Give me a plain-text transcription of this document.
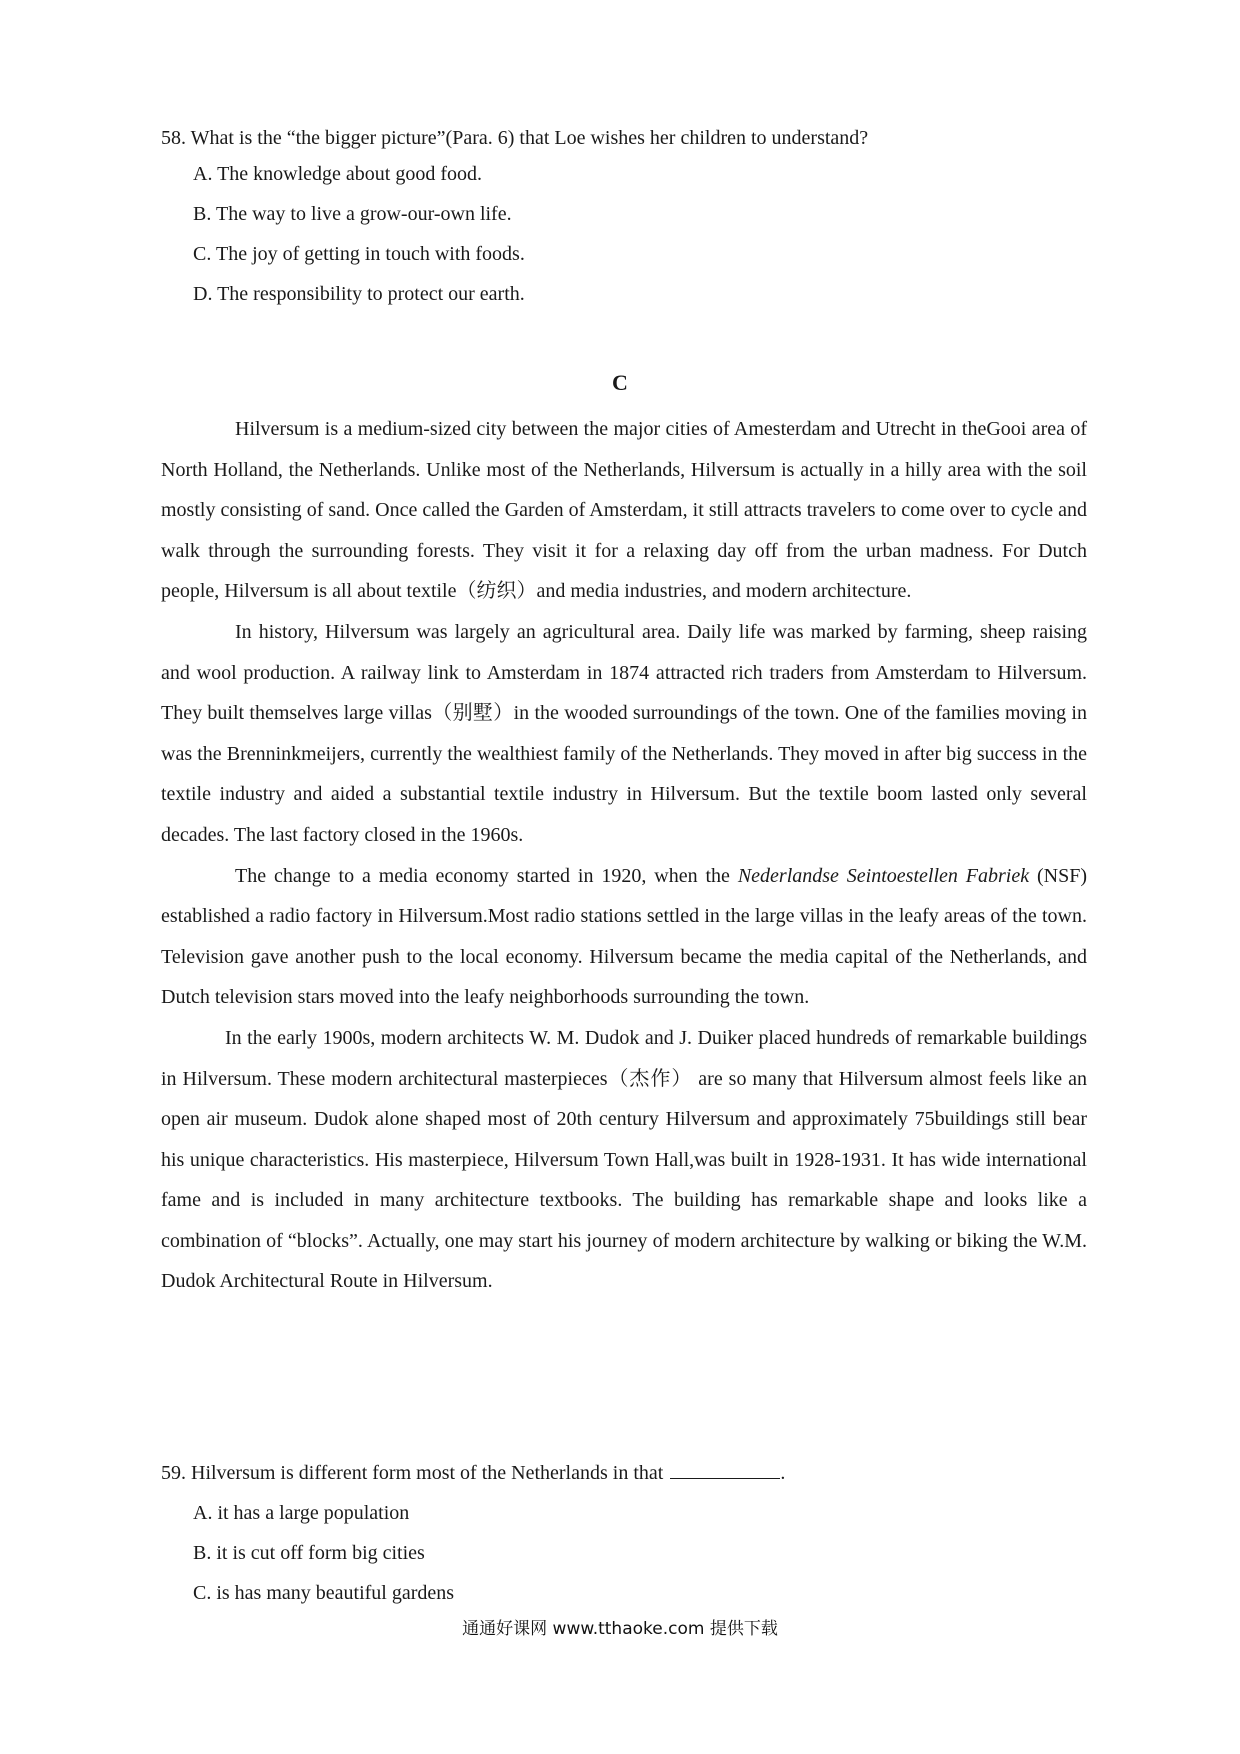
58. What is the “the bigger picture”(Para. 6) that Loe wishes her children to understand?

A. The knowledge about good food.

B. The way to live a grow-our-own life.

C. The joy of getting in touch with foods.

D. The responsibility to protect our earth.

C

Hilversum is a medium-sized city between the major cities of Amesterdam and Utrecht in theGooi area of North Holland, the Netherlands. Unlike most of the Netherlands, Hilversum is actually in a hilly area with the soil mostly consisting of sand. Once called the Garden of Amsterdam, it still attracts travelers to come over to cycle and walk through the surrounding forests. They visit it for a relaxing day off from the urban madness. For Dutch people, Hilversum is all about textile（纺织）and media industries, and modern architecture.

In history, Hilversum was largely an agricultural area. Daily life was marked by farming, sheep raising and wool production. A railway link to Amsterdam in 1874 attracted rich traders from Amsterdam to Hilversum. They built themselves large villas（别墅）in the wooded surroundings of the town. One of the families moving in was the Brenninkmeijers, currently the wealthiest family of the Netherlands. They moved in after big success in the textile industry and aided a substantial textile industry in Hilversum. But the textile boom lasted only several decades. The last factory closed in the 1960s.

The change to a media economy started in 1920, when the Nederlandse Seintoestellen Fabriek (NSF) established a radio factory in Hilversum.Most radio stations settled in the large villas in the leafy areas of the town. Television gave another push to the local economy. Hilversum became the media capital of the Netherlands, and Dutch television stars moved into the leafy neighborhoods surrounding the town.

In the early 1900s, modern architects W. M. Dudok and J. Duiker placed hundreds of remarkable buildings in Hilversum. These modern architectural masterpieces（杰作） are so many that Hilversum almost feels like an open air museum. Dudok alone shaped most of 20th century Hilversum and approximately 75buildings still bear his unique characteristics. His masterpiece, Hilversum Town Hall,was built in 1928-1931. It has wide international fame and is included in many architecture textbooks. The building has remarkable shape and looks like a combination of “blocks”. Actually, one may start his journey of modern architecture by walking or biking the W.M. Dudok Architectural Route in Hilversum.

59. Hilversum is different form most of the Netherlands in that	.

A. it has a large population

B. it is cut off form big cities

C. is has many beautiful gardens

通通好课网 www.tthaoke.com 提供下载
